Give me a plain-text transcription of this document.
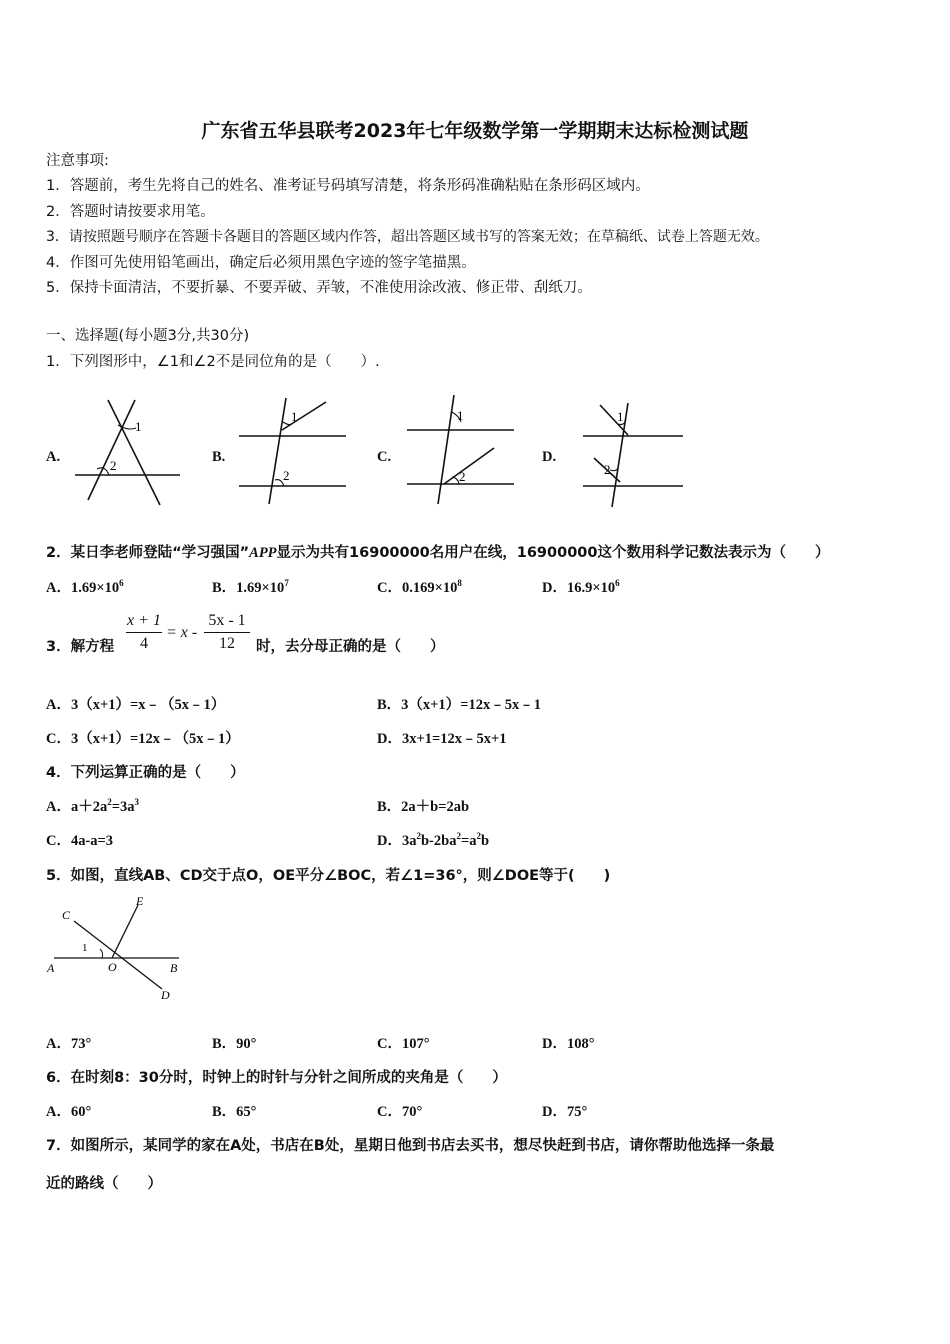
广东省五华县联考2023年七年级数学第一学期期末达标检测试题
注意事项:
1．答题前，考生先将自己的姓名、准考证号码填写清楚，将条形码准确粘贴在条形码区域内。
2．答题时请按要求用笔。
3．请按照题号顺序在答题卡各题目的答题区域内作答，超出答题区域书写的答案无效；在草稿纸、试卷上答题无效。
4．作图可先使用铅笔画出，确定后必须用黑色字迹的签字笔描黑。
5．保持卡面清洁，不要折暴、不要弄破、弄皱，不准使用涂改液、修正带、刮纸刀。
一、选择题(每小题3分,共30分)
1．下列图形中，∠1和∠2不是同位角的是（　　）.
A.	B.	C.	D.
1
2
1
2
1
2
1
2
2．某日李老师登陆“学习强国”APP显示为共有16900000名用户在线，16900000这个数用科学记数法表示为（　　）
A．$1.69\times 10^6$	B．$1.69\times 10^7$	C．$0.169\times 10^8$	D．$16.9\times 10^6$
3．解方程
x + 1
4
= x -
5x - 1
12	时，去分母正确的是（　　）
A．3（x+1）=x﹣（5x﹣1）	B．3（x+1）=12x﹣5x﹣1
C．3（x+1）=12x﹣（5x﹣1）	D．3x+1=12x﹣5x+1
4．下列运算正确的是（　　）
A．$a+2a^2=3a^3$	B．2a＋b=2ab
C．4a-a=3	D．$3a^2b-2ba^2=a^2b$
5．如图，直线AB、CD交于点O，OE平分∠BOC，若∠1=36°，则∠DOE等于(　　)
A	B
C
D
E
O
1
A．73°	B．90°	C．107°	D．108°
6．在时刻8：30分时，时钟上的时针与分针之间所成的夹角是（　　）
A．60°	B．65°	C．70°	D．75°
7．如图所示，某同学的家在A处，书店在B处，星期日他到书店去买书，想尽快赶到书店，请你帮助他选择一条最
近的路线（　　）
